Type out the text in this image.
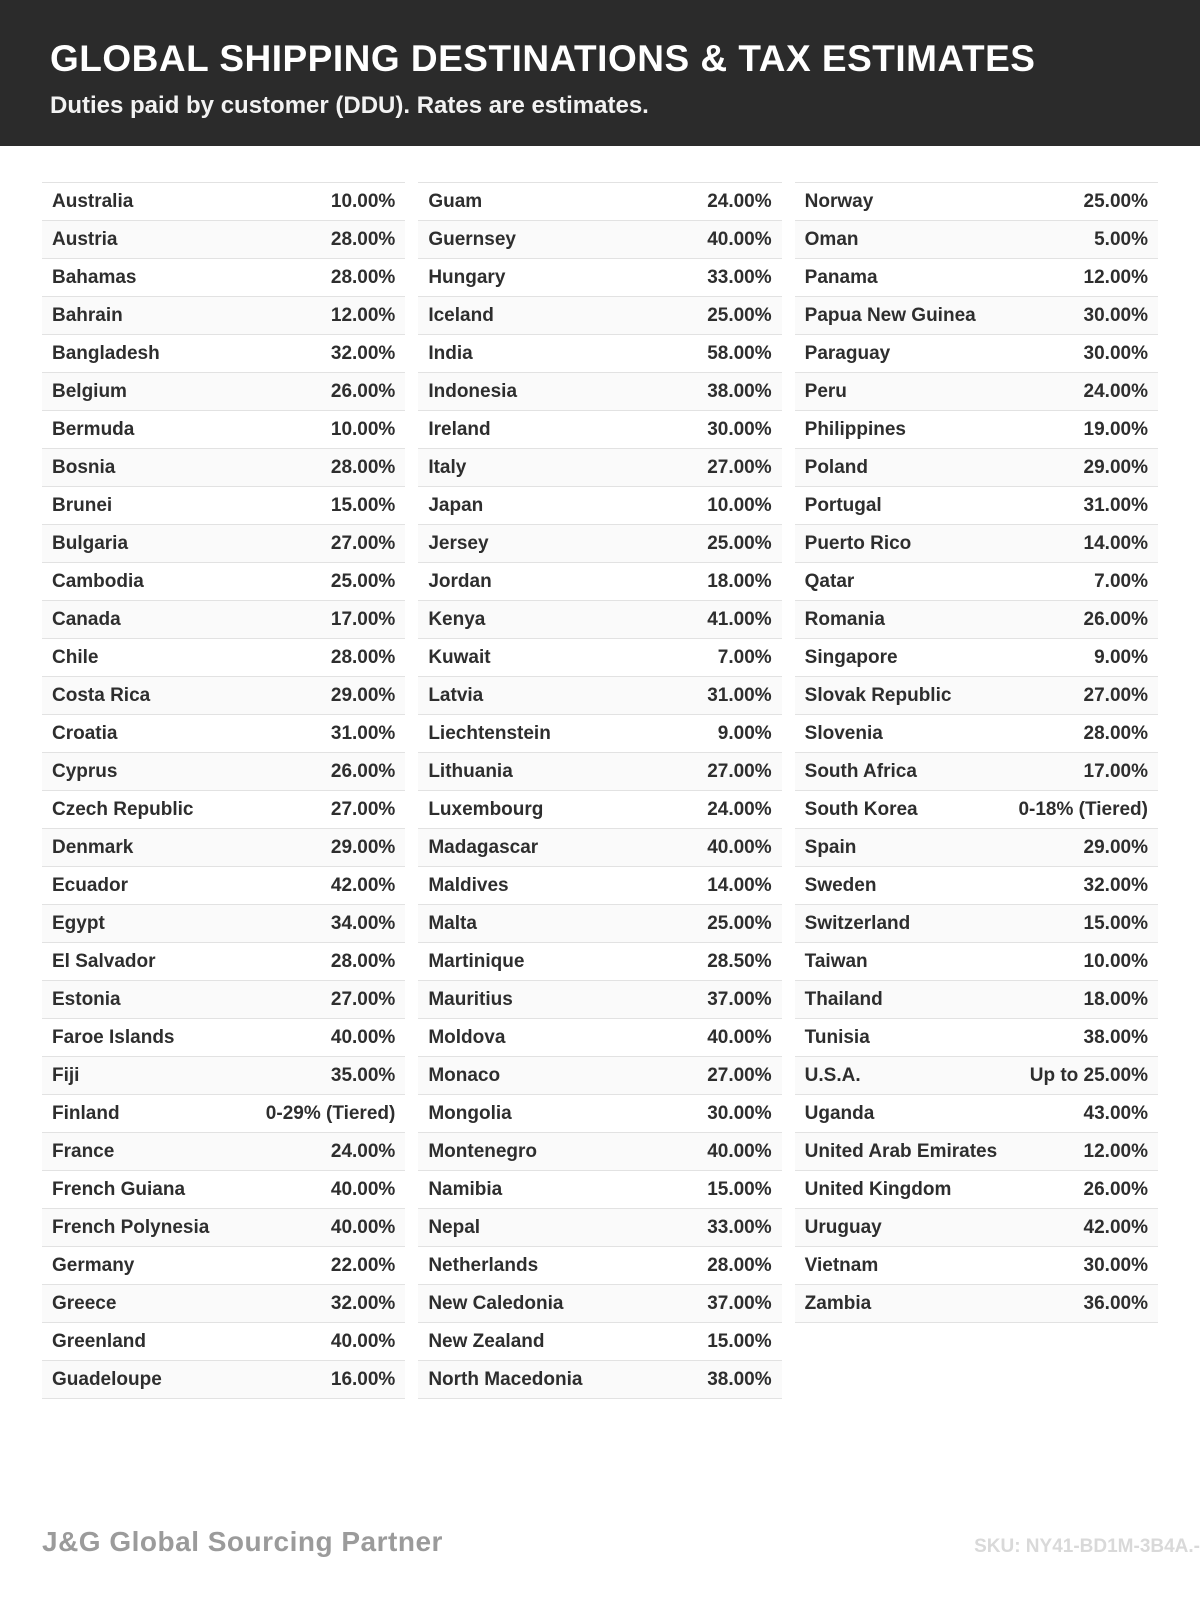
GLOBAL SHIPPING DESTINATIONS & TAX ESTIMATES
Duties paid by customer (DDU). Rates are estimates.
Australia	10.00%
Austria	28.00%
Bahamas	28.00%
Bahrain	12.00%
Bangladesh	32.00%
Belgium	26.00%
Bermuda	10.00%
Bosnia	28.00%
Brunei	15.00%
Bulgaria	27.00%
Cambodia	25.00%
Canada	17.00%
Chile	28.00%
Costa Rica	29.00%
Croatia	31.00%
Cyprus	26.00%
Czech Republic	27.00%
Denmark	29.00%
Ecuador	42.00%
Egypt	34.00%
El Salvador	28.00%
Estonia	27.00%
Faroe Islands	40.00%
Fiji	35.00%
Finland	0-29% (Tiered)
France	24.00%
French Guiana	40.00%
French Polynesia	40.00%
Germany	22.00%
Greece	32.00%
Greenland	40.00%
Guadeloupe	16.00%
Guam	24.00%
Guernsey	40.00%
Hungary	33.00%
Iceland	25.00%
India	58.00%
Indonesia	38.00%
Ireland	30.00%
Italy	27.00%
Japan	10.00%
Jersey	25.00%
Jordan	18.00%
Kenya	41.00%
Kuwait	7.00%
Latvia	31.00%
Liechtenstein	9.00%
Lithuania	27.00%
Luxembourg	24.00%
Madagascar	40.00%
Maldives	14.00%
Malta	25.00%
Martinique	28.50%
Mauritius	37.00%
Moldova	40.00%
Monaco	27.00%
Mongolia	30.00%
Montenegro	40.00%
Namibia	15.00%
Nepal	33.00%
Netherlands	28.00%
New Caledonia	37.00%
New Zealand	15.00%
North Macedonia	38.00%
Norway	25.00%
Oman	5.00%
Panama	12.00%
Papua New Guinea	30.00%
Paraguay	30.00%
Peru	24.00%
Philippines	19.00%
Poland	29.00%
Portugal	31.00%
Puerto Rico	14.00%
Qatar	7.00%
Romania	26.00%
Singapore	9.00%
Slovak Republic	27.00%
Slovenia	28.00%
South Africa	17.00%
South Korea	0-18% (Tiered)
Spain	29.00%
Sweden	32.00%
Switzerland	15.00%
Taiwan	10.00%
Thailand	18.00%
Tunisia	38.00%
U.S.A.	Up to 25.00%
Uganda	43.00%
United Arab Emirates	12.00%
United Kingdom	26.00%
Uruguay	42.00%
Vietnam	30.00%
Zambia	36.00%
J&G Global Sourcing Partner	SKU: NY41-BD1M-3B4A.-
